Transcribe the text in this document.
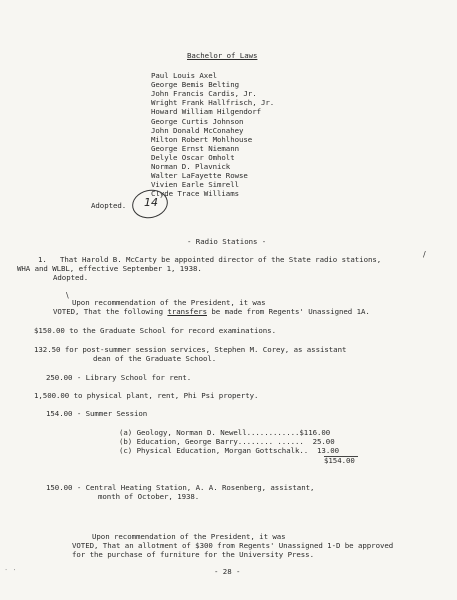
Bachelor of Laws
Paul Louis Axel
George Bemis Belting
John Francis Cardis, Jr.
Wright Frank Hallfrisch, Jr.
Howard William Hilgendorf
George Curtis Johnson
John Donald McConahey
Milton Robert Mohlhouse
George Ernst Niemann
Delyle Oscar Omholt
Norman D. Plavnick
Walter LaFayette Rowse
Vivien Earle Simrell
Clyde Trace Williams
Adopted. 14
- Radio Stations -
1.   That Harold B. McCarty be appointed director of the State radio stations,
/
WHA and WLBL, effective September 1, 1938.
Adopted.
\
Upon recommendation of the President, it was
VOTED, That the following transfers be made from Regents' Unassigned 1A.
$150.00 to the Graduate School for record examinations.
132.50 for post-summer session services, Stephen M. Corey, as assistant
dean of the Graduate School.
250.00 - Library School for rent.
1,500.00 to physical plant, rent, Phi Psi property.
154.00 - Summer Session
(a) Geology, Norman D. Newell............$116.00
(b) Education, George Barry........ ...... 25.00
(c) Physical Education, Morgan Gottschalk.. 13.00
$154.00
150.00 - Central Heating Station, A. A. Rosenberg, assistant,
month of October, 1938.
Upon recommendation of the President, it was
VOTED, That an allotment of $300 from Regents' Unassigned 1-D be approved
for the purchase of furniture for the University Press.
- 28 -
⋅ ⋅
